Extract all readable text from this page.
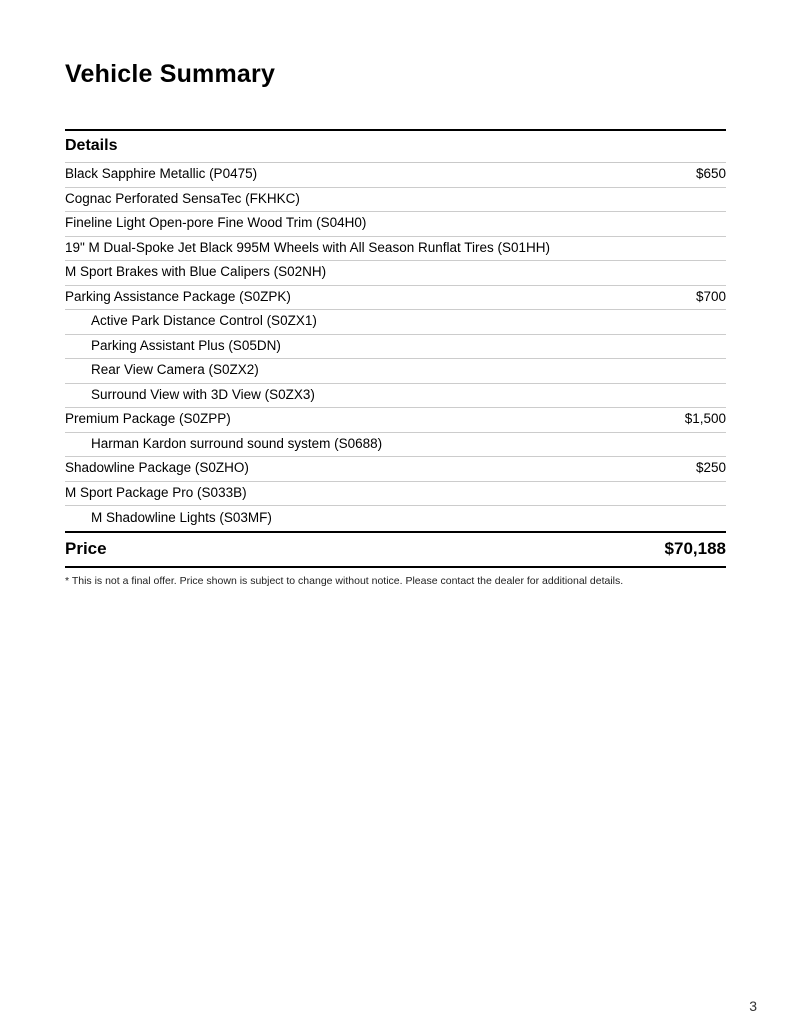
Vehicle Summary
Details
Black Sapphire Metallic (P0475)	$650
Cognac Perforated SensaTec (FKHKC)
Fineline Light Open-pore Fine Wood Trim (S04H0)
19" M Dual-Spoke Jet Black 995M Wheels with All Season Runflat Tires (S01HH)
M Sport Brakes with Blue Calipers (S02NH)
Parking Assistance Package (S0ZPK)	$700
Active Park Distance Control (S0ZX1)
Parking Assistant Plus (S05DN)
Rear View Camera (S0ZX2)
Surround View with 3D View (S0ZX3)
Premium Package (S0ZPP)	$1,500
Harman Kardon surround sound system (S0688)
Shadowline Package (S0ZHO)	$250
M Sport Package Pro (S033B)
M Shadowline Lights (S03MF)
Price	$70,188
* This is not a final offer. Price shown is subject to change without notice. Please contact the dealer for additional details.
3
